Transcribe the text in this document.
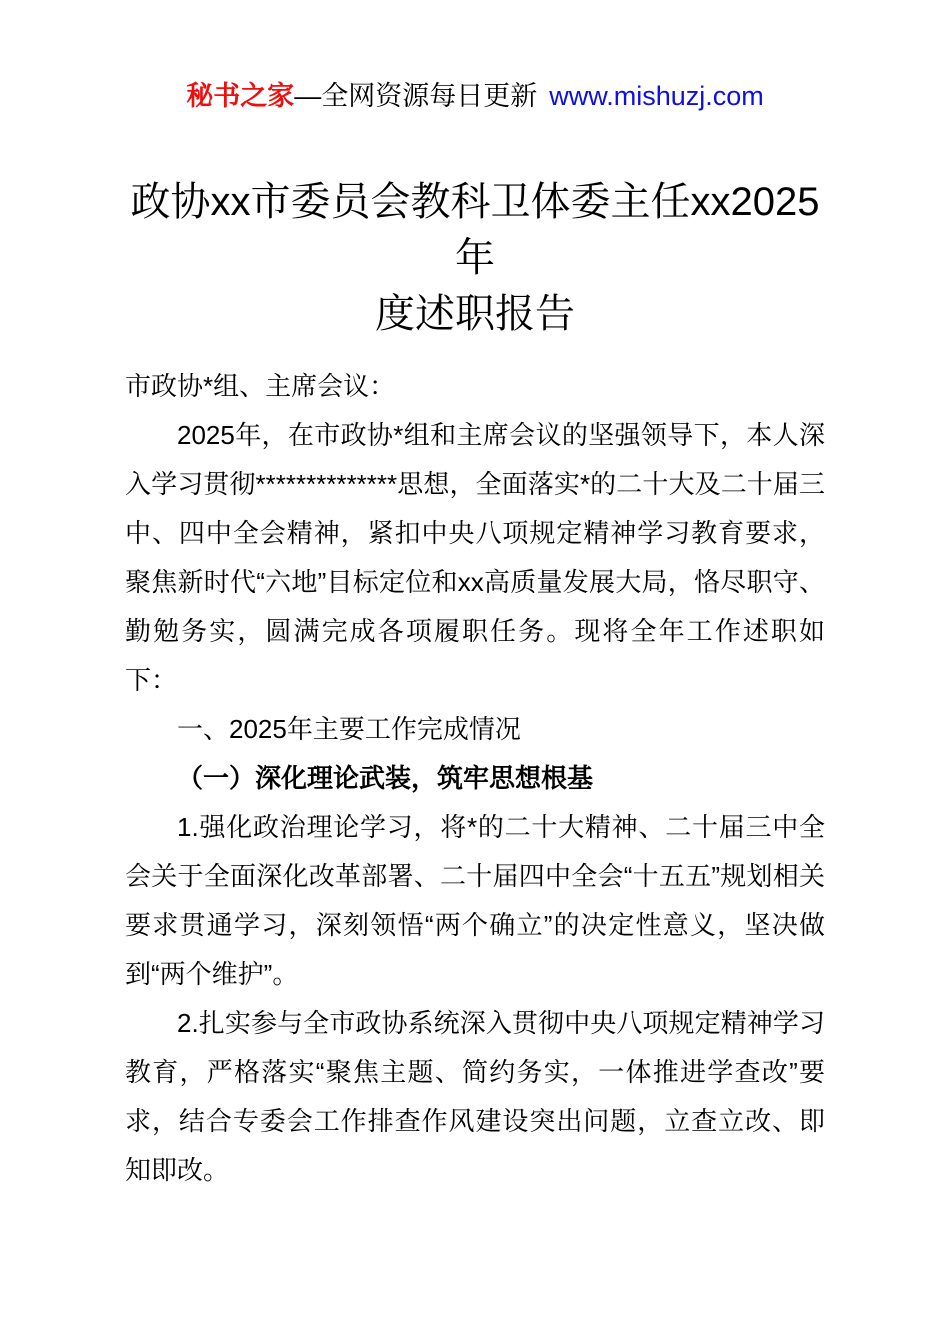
秘书之家—全网资源每日更新 www.mishuzj.com
政协xx市委员会教科卫体委主任xx2025年
度述职报告

市政协*组、主席会议：

2025年，在市政协*组和主席会议的坚强领导下，本人深入学习贯彻**************思想，全面落实*的二十大及二十届三中、四中全会精神，紧扣中央八项规定精神学习教育要求，聚焦新时代“六地”目标定位和xx高质量发展大局，恪尽职守、勤勉务实，圆满完成各项履职任务。现将全年工作述职如下：

一、2025年主要工作完成情况

（一）深化理论武装，筑牢思想根基

1.强化政治理论学习，将*的二十大精神、二十届三中全会关于全面深化改革部署、二十届四中全会“十五五”规划相关要求贯通学习，深刻领悟“两个确立”的决定性意义，坚决做到“两个维护”。

2.扎实参与全市政协系统深入贯彻中央八项规定精神学习教育，严格落实“聚焦主题、简约务实，一体推进学查改”要求，结合专委会工作排查作风建设突出问题，立查立改、即知即改。
